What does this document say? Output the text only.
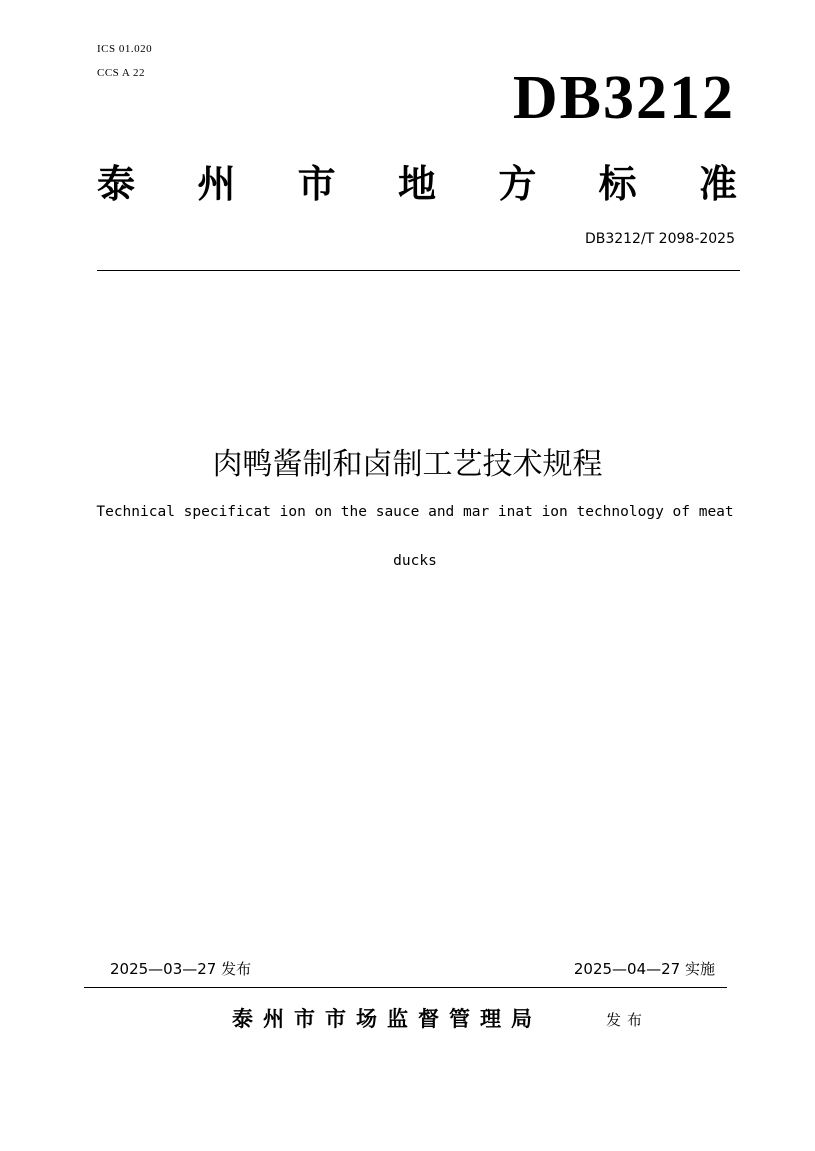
ICS 01.020
CCS A 22	DB3212
泰 州 市 地 方 标 准
DB3212/T 2098-2025
肉鸭酱制和卤制工艺技术规程
Technical specificat ion on the sauce and mar inat ion technology of meat
ducks
2025—03—27 发布	2025—04—27 实施
泰州市市场监督管理局	发布
